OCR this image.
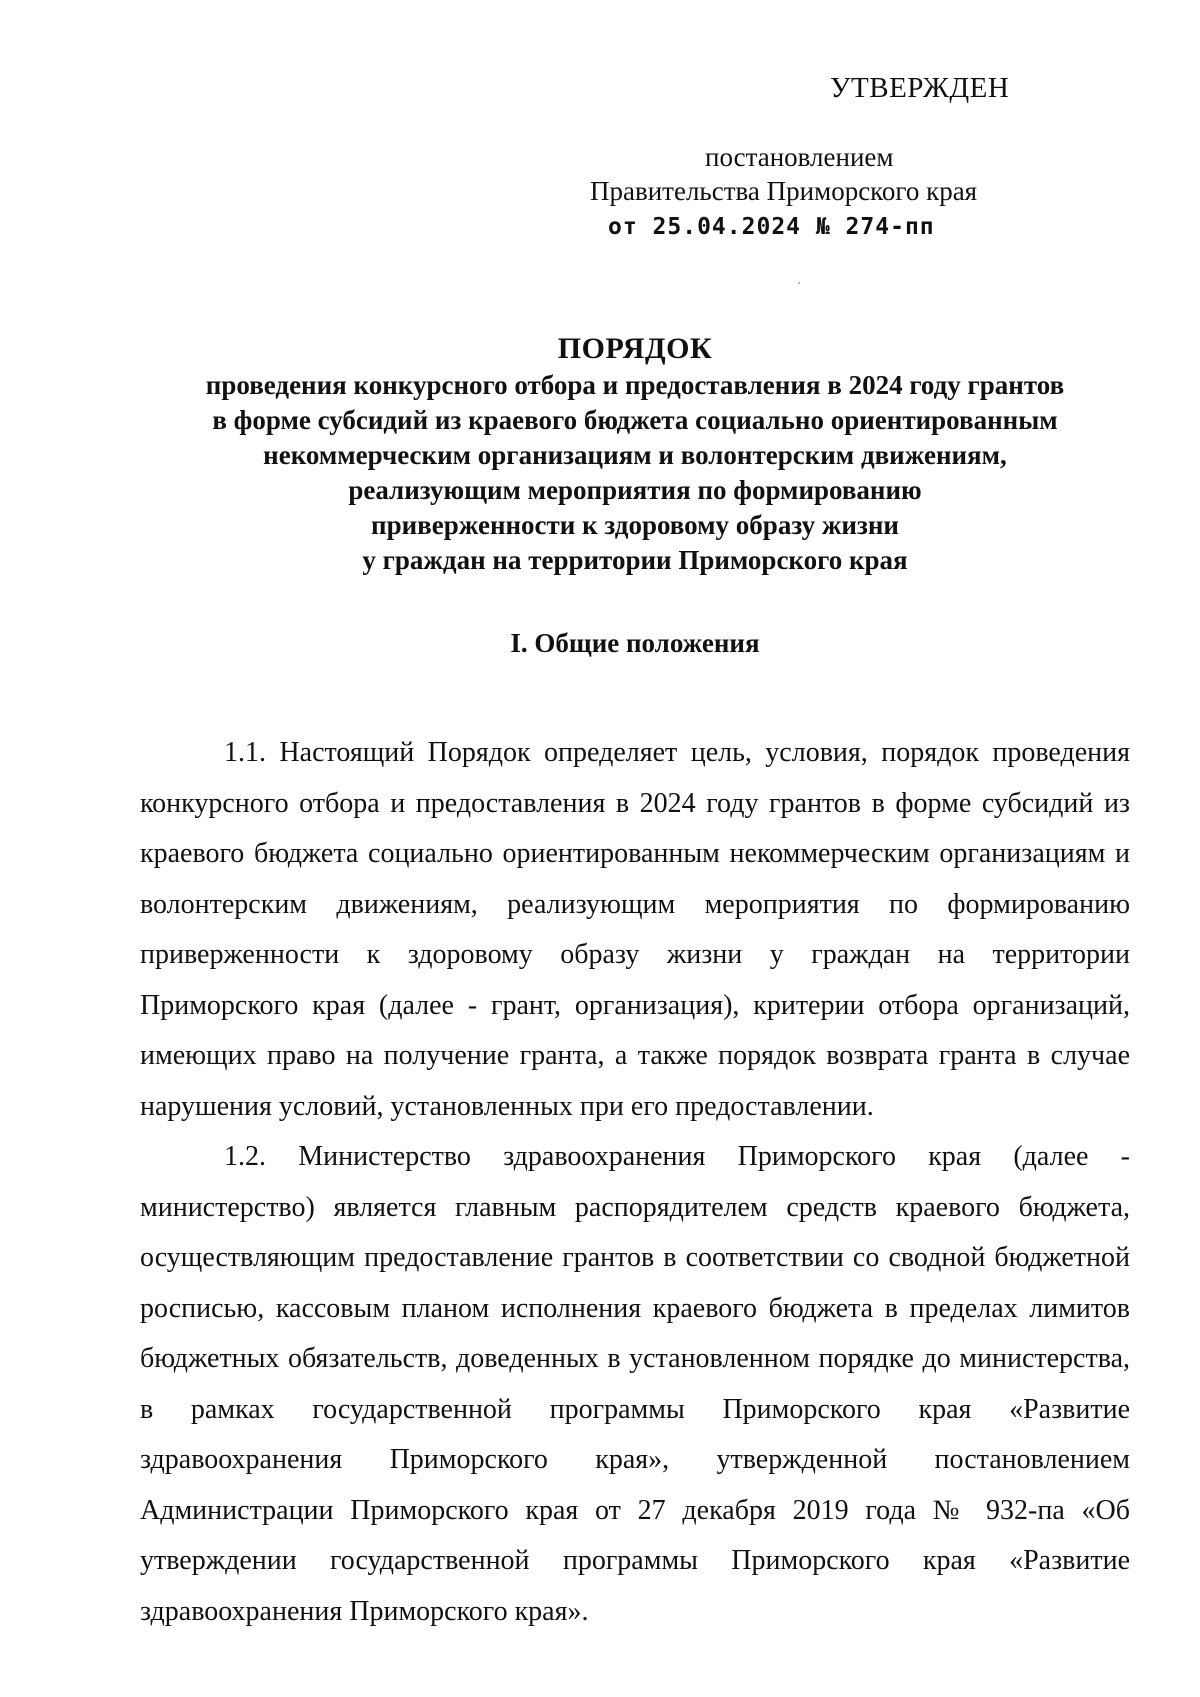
УТВЕРЖДЕН
постановлением
Правительства Приморского края
от 25.04.2024 № 274-пп
ПОРЯДОК
проведения конкурсного отбора и предоставления в 2024 году грантов
в форме субсидий из краевого бюджета социально ориентированным
некоммерческим организациям и волонтерским движениям,
реализующим мероприятия по формированию
приверженности к здоровому образу жизни
у граждан на территории Приморского края
I. Общие положения

1.1. Настоящий Порядок определяет цель, условия, порядок проведения конкурсного отбора и предоставления в 2024 году грантов в форме субсидий из краевого бюджета социально ориентированным некоммерческим организациям и волонтерским движениям, реализующим мероприятия по формированию приверженности к здоровому образу жизни у граждан на территории Приморского края (далее - грант, организация), критерии отбора организаций, имеющих право на получение гранта, а также порядок возврата гранта в случае нарушения условий, установленных при его предоставлении.

1.2. Министерство здравоохранения Приморского края (далее - министерство) является главным распорядителем средств краевого бюджета, осуществляющим предоставление грантов в соответствии со сводной бюджетной росписью, кассовым планом исполнения краевого бюджета в пределах лимитов бюджетных обязательств, доведенных в установленном порядке до министерства, в рамках государственной программы Приморского края «Развитие здравоохранения Приморского края», утвержденной постановлением Администрации Приморского края от 27 декабря 2019 года № 932-па «Об утверждении государственной программы Приморского края «Развитие здравоохранения Приморского края».
